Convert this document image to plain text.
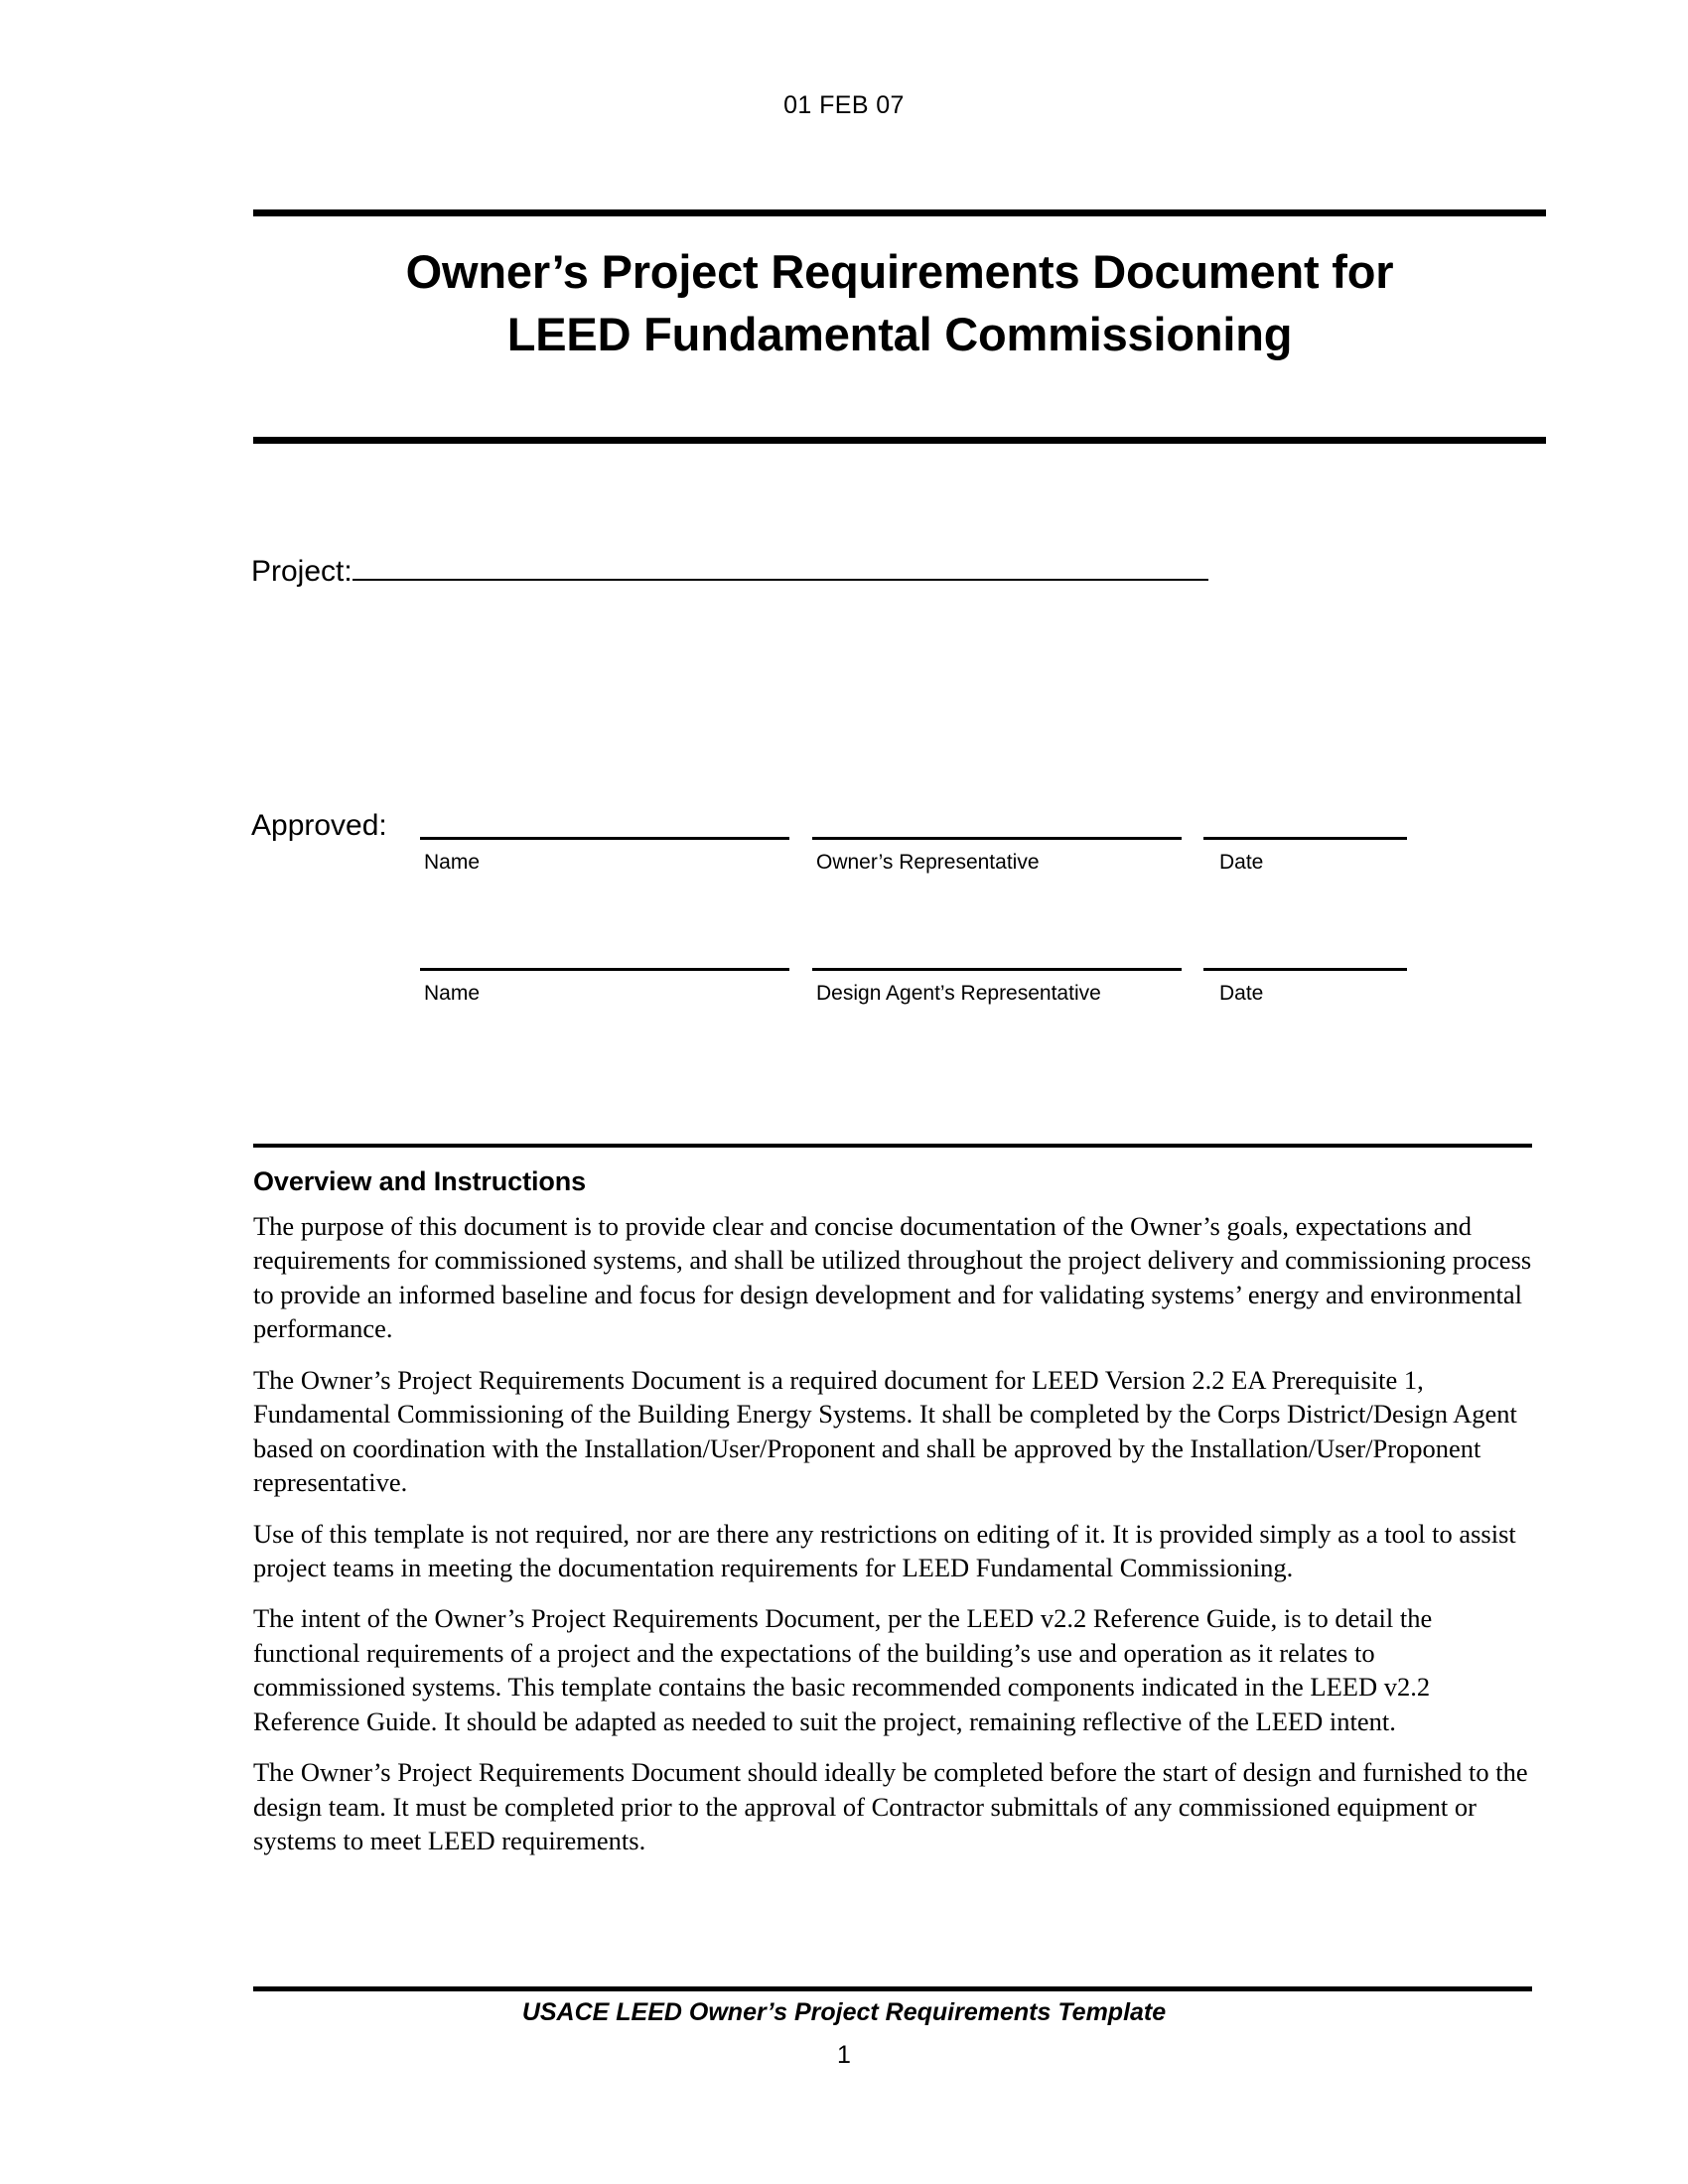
01 FEB 07
Owner’s Project Requirements Document for
LEED Fundamental Commissioning
Project:
Approved:
Name	Owner’s Representative	Date
Name	Design Agent’s Representative	Date
Overview and Instructions

The purpose of this document is to provide clear and concise documentation of the Owner’s goals, expectations and requirements for commissioned systems, and shall be utilized throughout the project delivery and commissioning process to provide an informed baseline and focus for design development and for validating systems’ energy and environmental performance.

The Owner’s Project Requirements Document is a required document for LEED Version 2.2 EA Prerequisite 1, Fundamental Commissioning of the Building Energy Systems. It shall be completed by the Corps District/Design Agent based on coordination with the Installation/User/Proponent and shall be approved by the Installation/User/Proponent representative.

Use of this template is not required, nor are there any restrictions on editing of it. It is provided simply as a tool to assist project teams in meeting the documentation requirements for LEED Fundamental Commissioning.

The intent of the Owner’s Project Requirements Document, per the LEED v2.2 Reference Guide, is to detail the functional requirements of a project and the expectations of the building’s use and operation as it relates to commissioned systems. This template contains the basic recommended components indicated in the LEED v2.2 Reference Guide. It should be adapted as needed to suit the project, remaining reflective of the LEED intent.

The Owner’s Project Requirements Document should ideally be completed before the start of design and furnished to the design team. It must be completed prior to the approval of Contractor submittals of any commissioned equipment or systems to meet LEED requirements.

USACE LEED Owner’s Project Requirements Template
1
